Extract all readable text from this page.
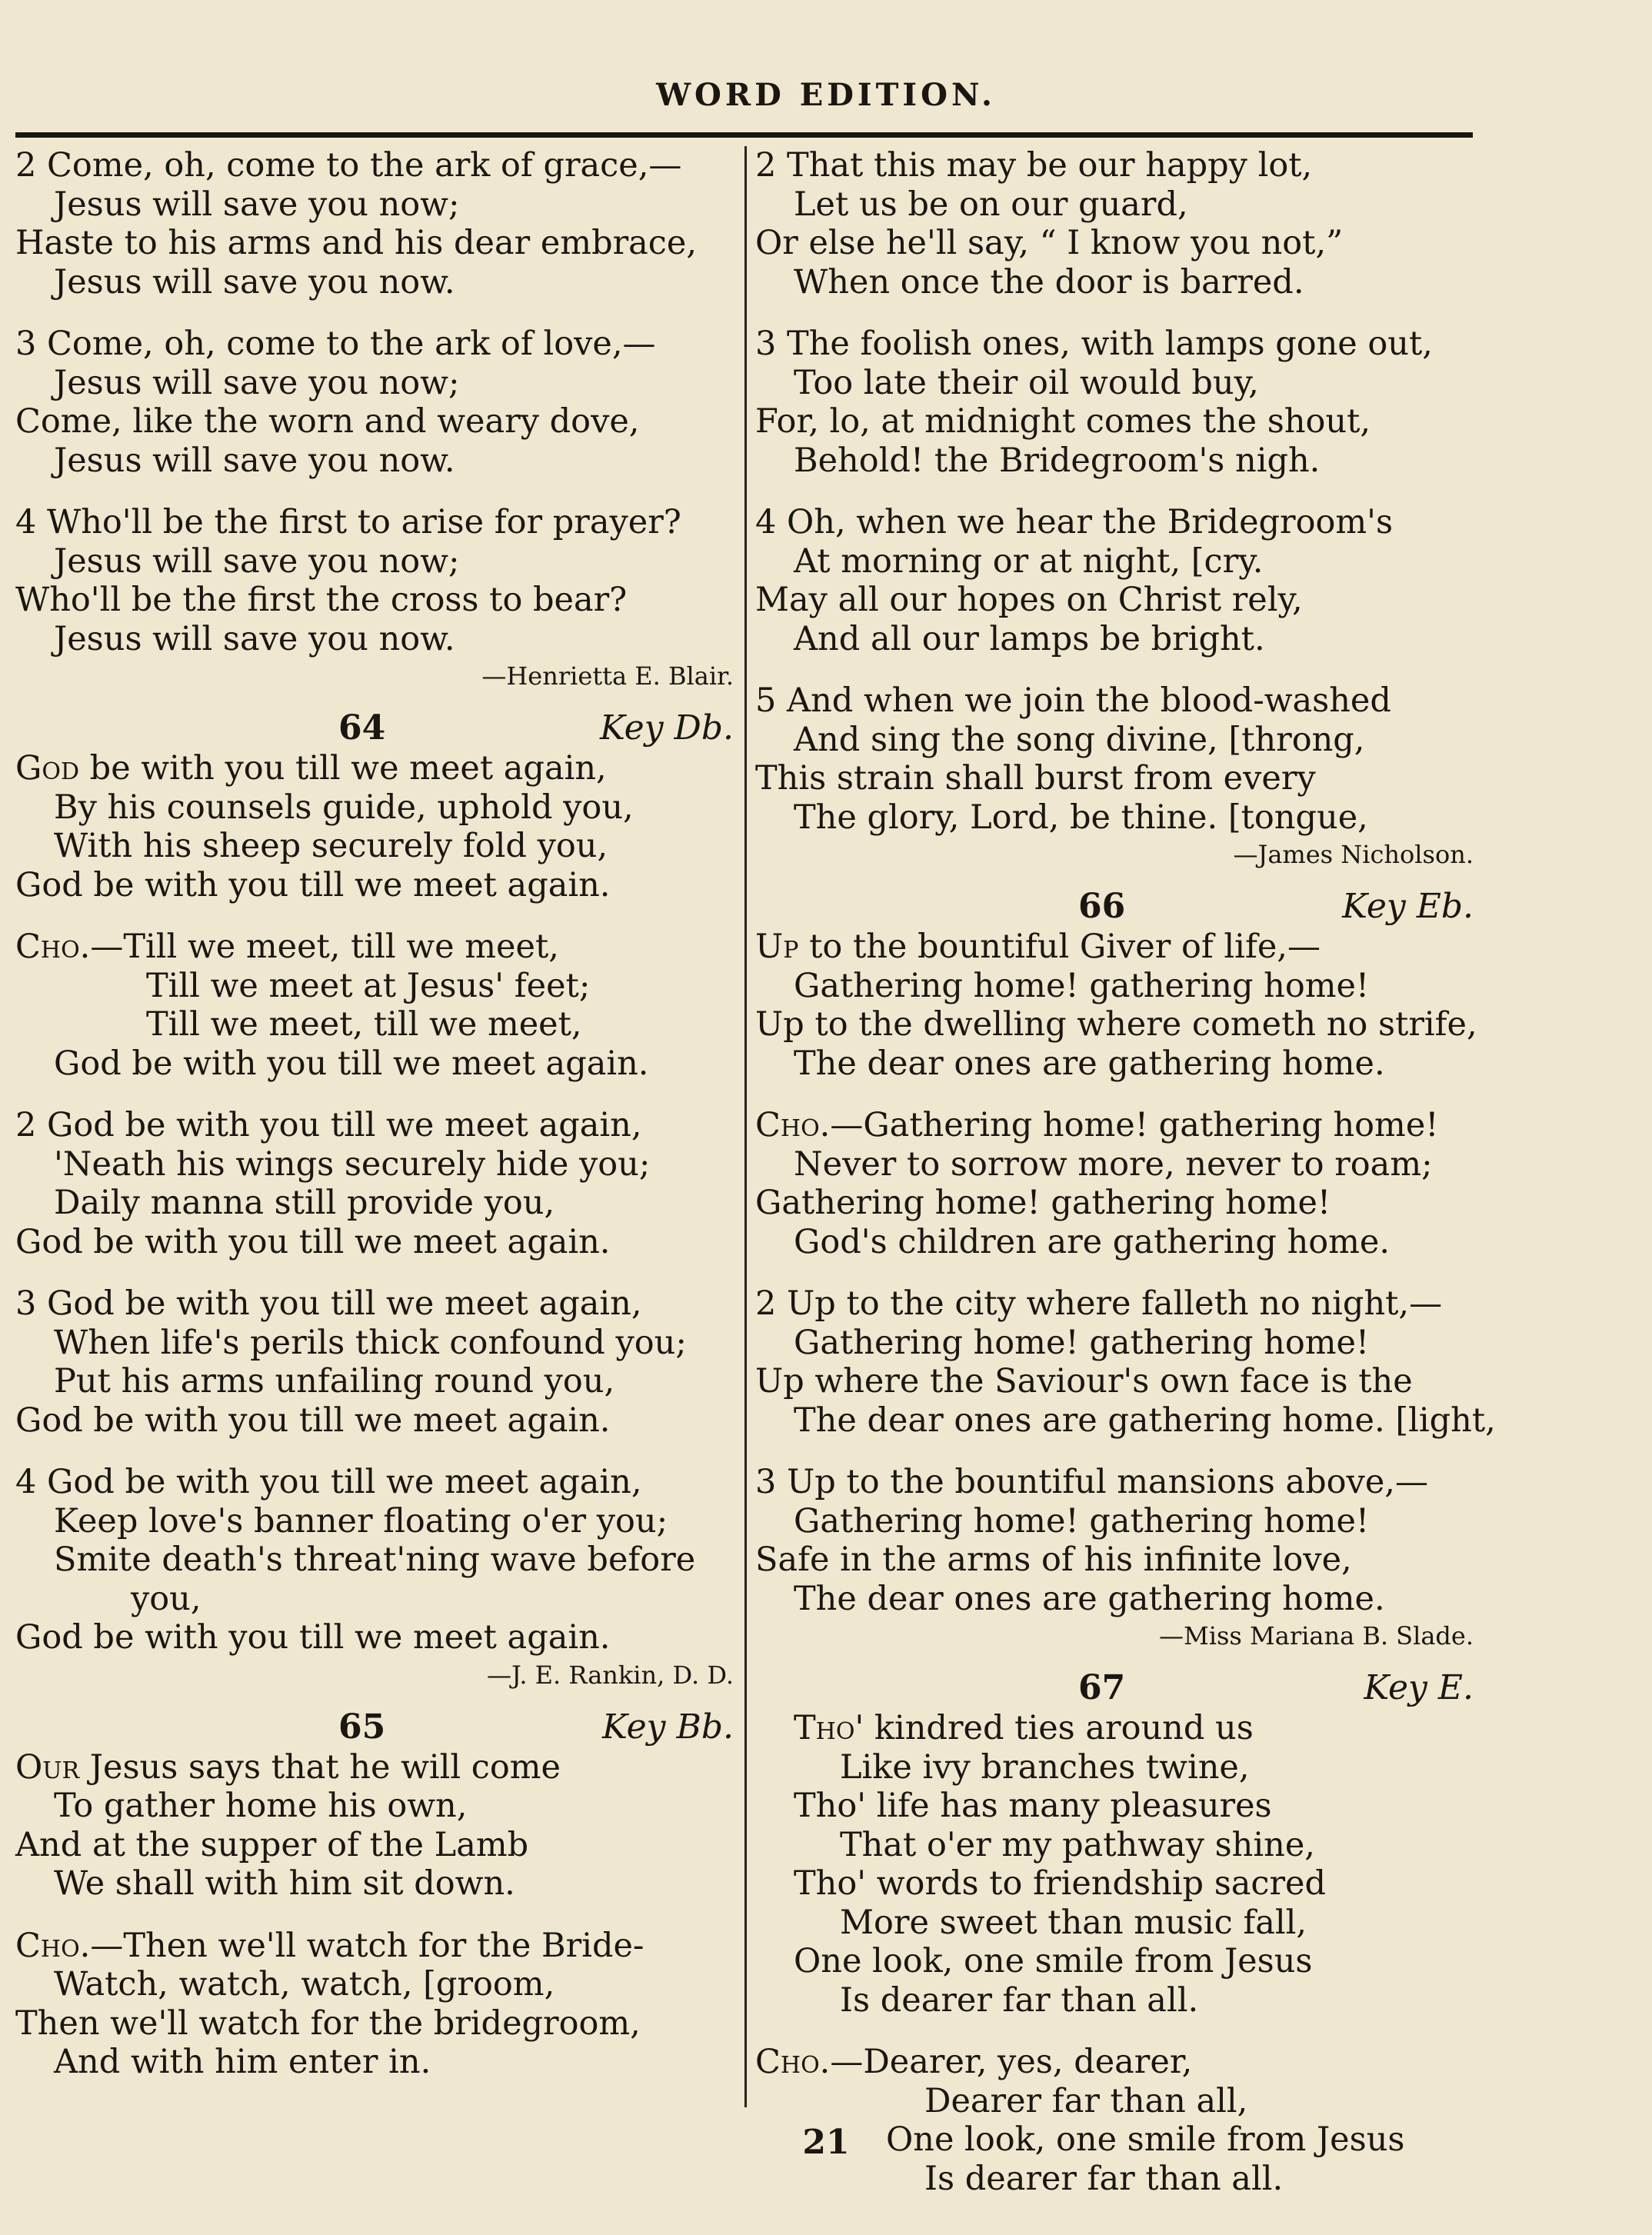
WORD EDITION.
2 Come, oh, come to the ark of grace,—
Jesus will save you now;
Haste to his arms and his dear embrace,
Jesus will save you now.
3 Come, oh, come to the ark of love,—
Jesus will save you now;
Come, like the worn and weary dove,
Jesus will save you now.
4 Who'll be the first to arise for prayer?
Jesus will save you now;
Who'll be the first the cross to bear?
Jesus will save you now.
—Henrietta E. Blair.
64	Key Db.
God be with you till we meet again,
By his counsels guide, uphold you,
With his sheep securely fold you,
God be with you till we meet again.
Cho.—Till we meet, till we meet,
Till we meet at Jesus' feet;
Till we meet, till we meet,
God be with you till we meet again.
2 God be with you till we meet again,
'Neath his wings securely hide you;
Daily manna still provide you,
God be with you till we meet again.
3 God be with you till we meet again,
When life's perils thick confound you;
Put his arms unfailing round you,
God be with you till we meet again.
4 God be with you till we meet again,
Keep love's banner floating o'er you;
Smite death's threat'ning wave before
you,
God be with you till we meet again.
—J. E. Rankin, D. D.
65	Key Bb.
Our Jesus says that he will come
To gather home his own,
And at the supper of the Lamb
We shall with him sit down.
Cho.—Then we'll watch for the Bride-
Watch, watch, watch, [groom,
Then we'll watch for the bridegroom,
And with him enter in.
2 That this may be our happy lot,
Let us be on our guard,
Or else he'll say, “ I know you not,”
When once the door is barred.
3 The foolish ones, with lamps gone out,
Too late their oil would buy,
For, lo, at midnight comes the shout,
Behold! the Bridegroom's nigh.
4 Oh, when we hear the Bridegroom's
At morning or at night, [cry.
May all our hopes on Christ rely,
And all our lamps be bright.
5 And when we join the blood-washed
And sing the song divine, [throng,
This strain shall burst from every
The glory, Lord, be thine. [tongue,
—James Nicholson.
66	Key Eb.
Up to the bountiful Giver of life,—
Gathering home! gathering home!
Up to the dwelling where cometh no strife,
The dear ones are gathering home.
Cho.—Gathering home! gathering home!
Never to sorrow more, never to roam;
Gathering home! gathering home!
God's children are gathering home.
2 Up to the city where falleth no night,—
Gathering home! gathering home!
Up where the Saviour's own face is the
The dear ones are gathering home. [light,
3 Up to the bountiful mansions above,—
Gathering home! gathering home!
Safe in the arms of his infinite love,
The dear ones are gathering home.
—Miss Mariana B. Slade.
67	Key E.
Tho' kindred ties around us
Like ivy branches twine,
Tho' life has many pleasures
That o'er my pathway shine,
Tho' words to friendship sacred
More sweet than music fall,
One look, one smile from Jesus
Is dearer far than all.
Cho.—Dearer, yes, dearer,
Dearer far than all,
One look, one smile from Jesus
Is dearer far than all.
21
